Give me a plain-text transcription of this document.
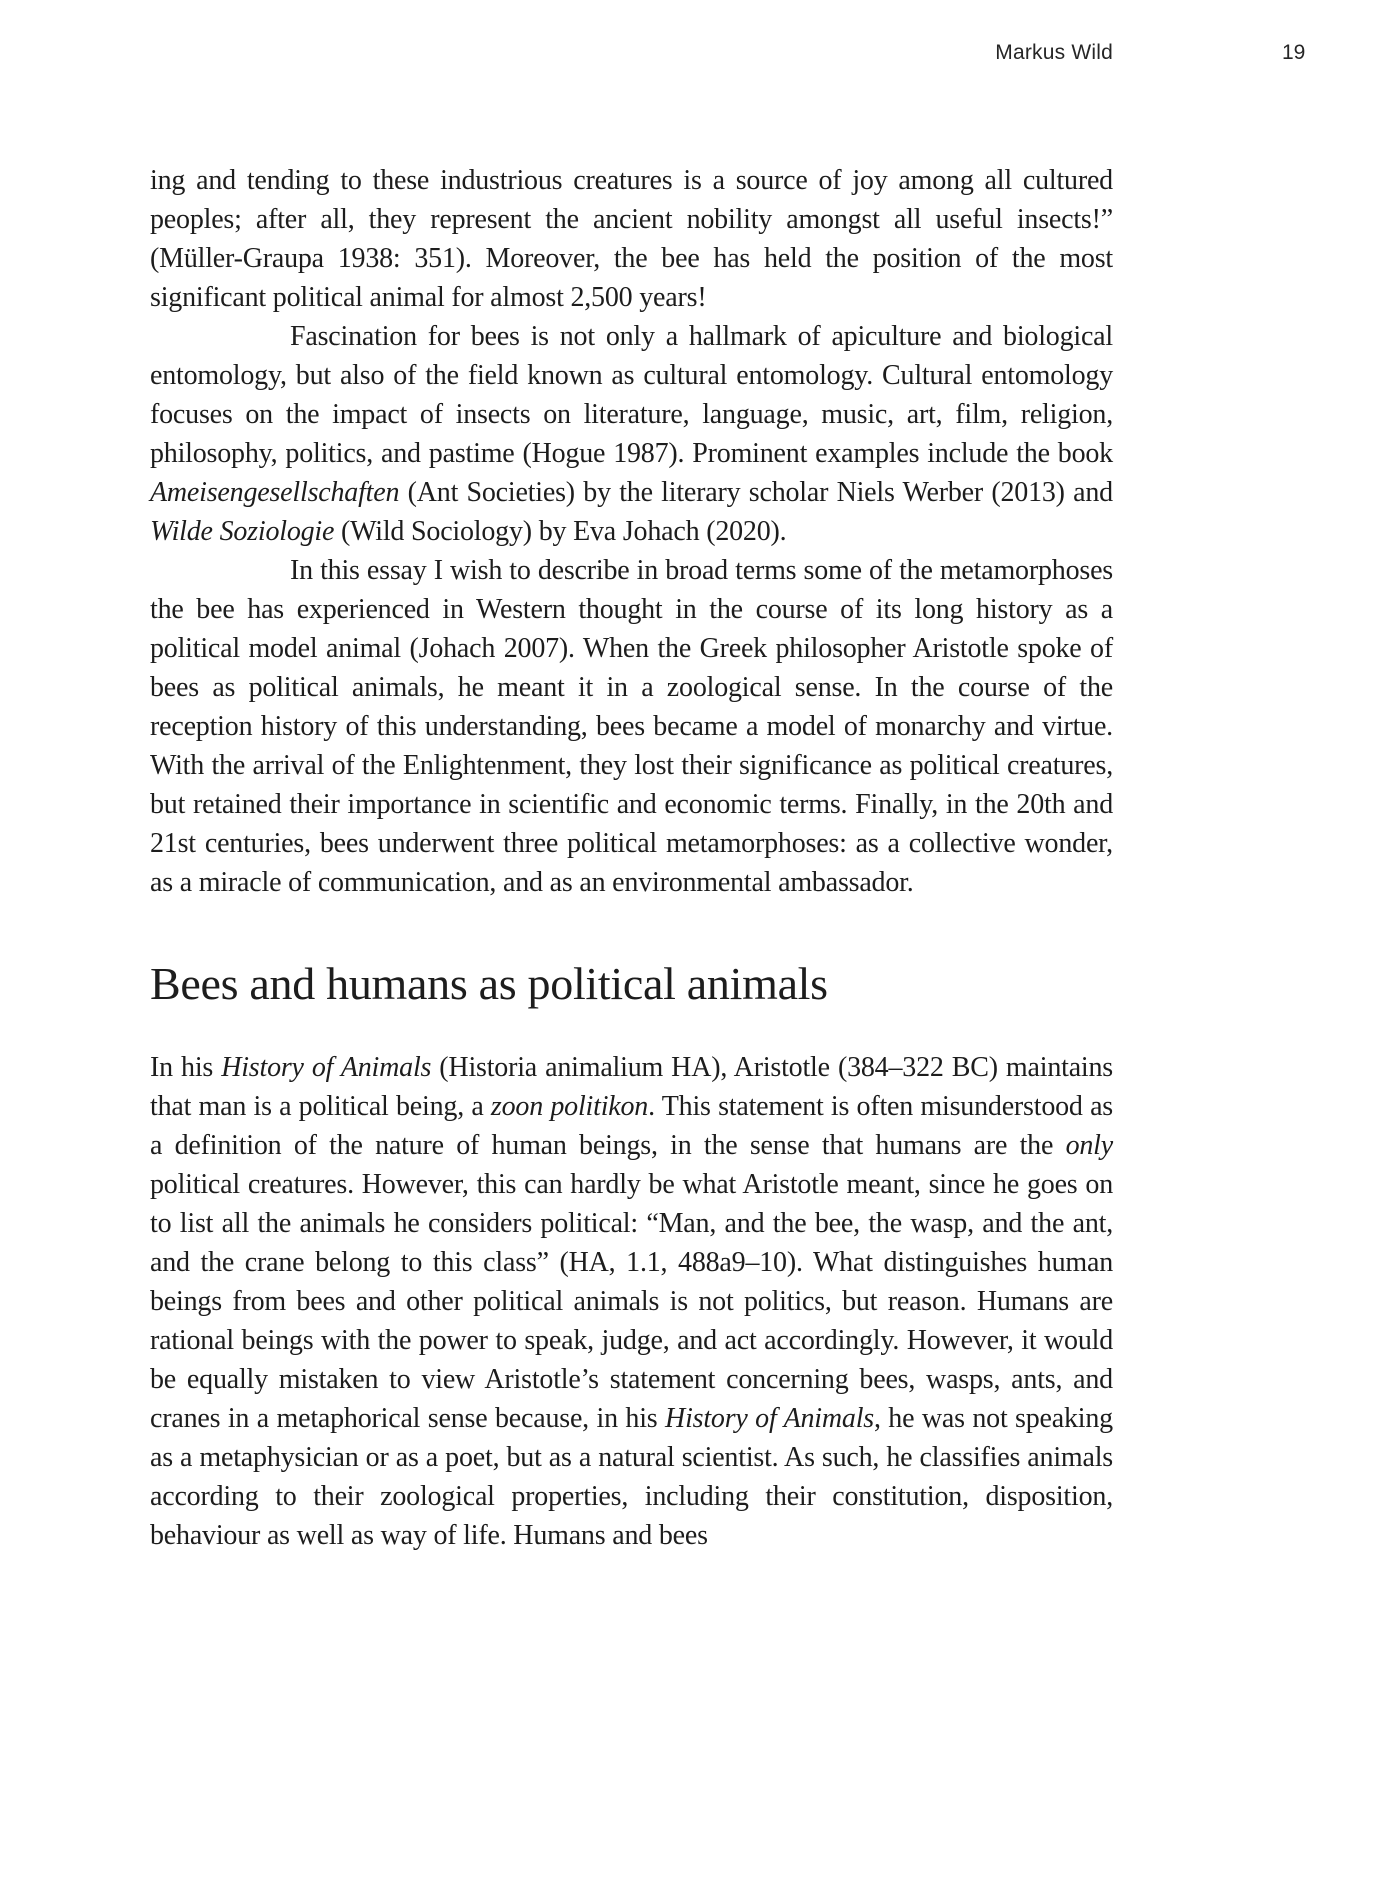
Markus Wild	19

ing and tending to these industrious creatures is a source of joy among all cultured peoples; after all, they represent the ancient nobility amongst all useful insects!” (Müller-Graupa 1938: 351). Moreover, the bee has held the position of the most significant political animal for almost 2,500 years!

Fascination for bees is not only a hallmark of apiculture and biological entomology, but also of the field known as cultural entomology. Cultural entomology focuses on the impact of insects on literature, language, music, art, film, religion, philosophy, politics, and pastime (Hogue 1987). Prominent examples include the book Ameisengesellschaften (Ant Societies) by the literary scholar Niels Werber (2013) and Wilde Soziologie (Wild Sociology) by Eva Johach (2020).

In this essay I wish to describe in broad terms some of the metamorphoses the bee has experienced in Western thought in the course of its long history as a political model animal (Johach 2007). When the Greek philosopher Aristotle spoke of bees as political animals, he meant it in a zoological sense. In the course of the reception history of this understanding, bees became a model of monarchy and virtue. With the arrival of the Enlightenment, they lost their significance as political creatures, but retained their importance in scientific and economic terms. Finally, in the 20th and 21st centuries, bees underwent three political metamorphoses: as a collective wonder, as a miracle of communication, and as an environmental ambassador.

Bees and humans as political animals

In his History of Animals (Historia animalium HA), Aristotle (384–322 BC) maintains that man is a political being, a zoon politikon. This statement is often misunderstood as a definition of the nature of human beings, in the sense that humans are the only political creatures. However, this can hardly be what Aristotle meant, since he goes on to list all the animals he considers political: “Man, and the bee, the wasp, and the ant, and the crane belong to this class” (HA, 1.1, 488a9–10). What distinguishes human beings from bees and other political animals is not politics, but reason. Humans are rational beings with the power to speak, judge, and act accordingly. However, it would be equally mistaken to view Aristotle’s statement concerning bees, wasps, ants, and cranes in a metaphorical sense because, in his History of Animals, he was not speaking as a metaphysician or as a poet, but as a natural scientist. As such, he classifies animals according to their zoological properties, including their constitution, disposition, behaviour as well as way of life. Humans and bees
